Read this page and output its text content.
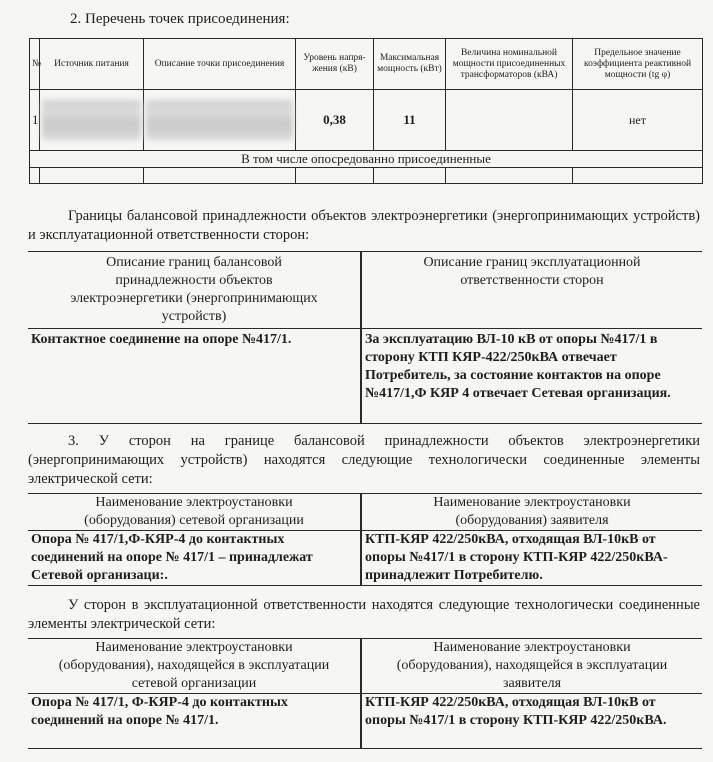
2. Перечень точек присоединения:
№	Источник питания	Описание точки присоединения	Уровень напря-жения (кВ)	Максимальная мощность (кВт)	Величина номинальной мощности присоединенных трансформаторов (кВА)	Предельное значение коэффициента реактивной мощности (tg φ)
1			0,38	11		нет
В том числе опосредованно присоединенные						

Границы балансовой принадлежности объектов электроэнергетики (энергопринимающих устройств) и эксплуатационной ответственности сторон:
Описание границ балансовой принадлежности объектов электроэнергетики (энергопринимающих устройств)	Описание границ эксплуатационной ответственности сторон
Контактное соединение на опоре №417/1.	За эксплуатацию ВЛ-10 кВ от опоры №417/1 в сторону КТП КЯР-422/250кВА отвечает Потребитель, за состояние контактов на опоре №417/1,Ф КЯР 4 отвечает Сетевая организация.
3. У сторон на границе балансовой принадлежности объектов электроэнергетики (энергопринимающих устройств) находятся следующие технологически соединенные элементы электрической сети:
Наименование электроустановки (оборудования) сетевой организации	Наименование электроустановки (оборудования) заявителя
Опора № 417/1,Ф-КЯР-4 до контактных соединений на опоре № 417/1 – принадлежат Сетевой организаци:.	КТП-КЯР 422/250кВА, отходящая ВЛ-10кВ от опоры №417/1 в сторону КТП-КЯР 422/250кВА-принадлежит Потребителю.
У сторон в эксплуатационной ответственности находятся следующие технологически соединенные элементы электрической сети:
Наименование электроустановки (оборудования), находящейся в эксплуатации сетевой организации	Наименование электроустановки (оборудования), находящейся в эксплуатации заявителя
Опора № 417/1, Ф-КЯР-4 до контактных соединений на опоре № 417/1.	КТП-КЯР 422/250кВА, отходящая ВЛ-10кВ от опоры №417/1 в сторону КТП-КЯР 422/250кВА.
